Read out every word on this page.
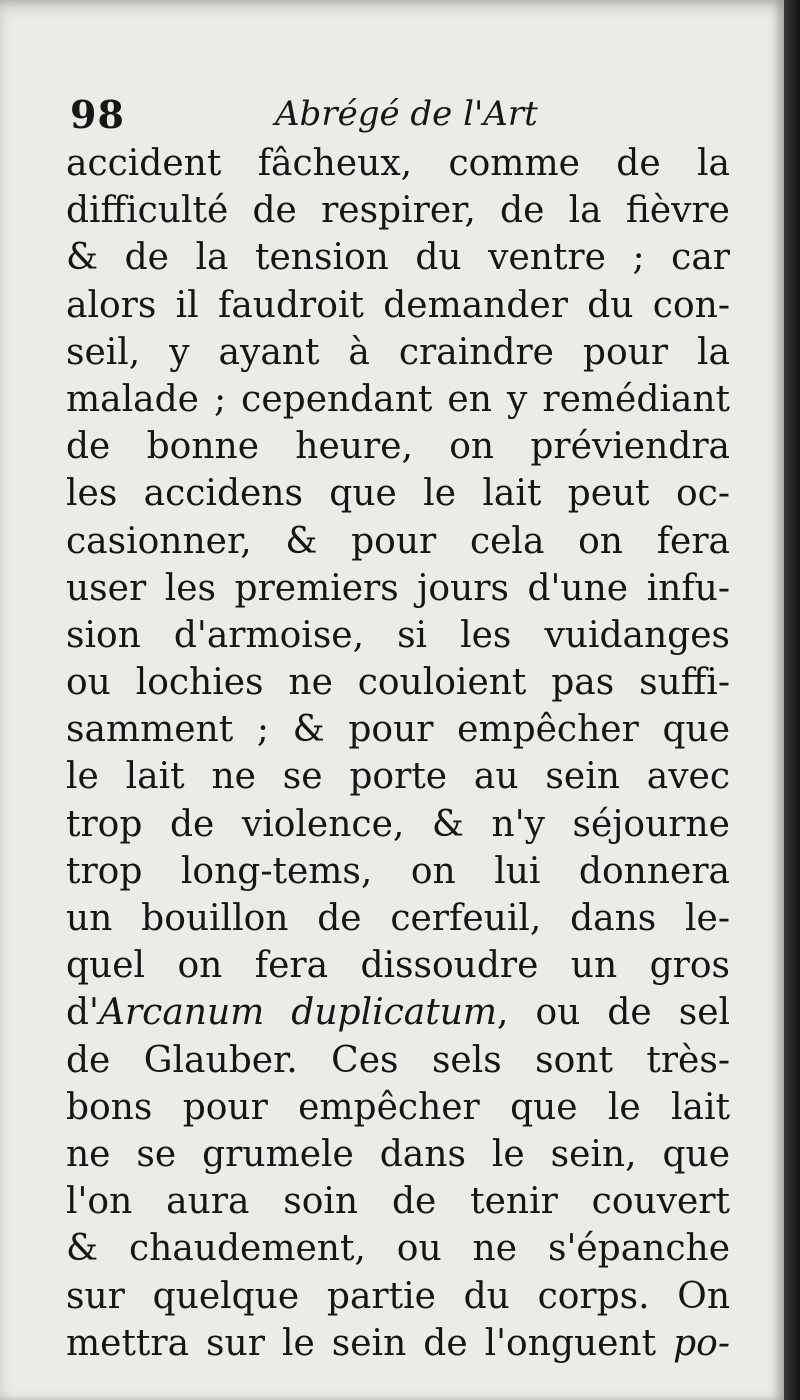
98	Abrégé de l'Art
accident fâcheux, comme de la
difficulté de respirer, de la fièvre
& de la tension du ventre ; car
alors il faudroit demander du con-
seil, y ayant à craindre pour la
malade ; cependant en y remédiant
de bonne heure, on préviendra
les accidens que le lait peut oc-
casionner, & pour cela on fera
user les premiers jours d'une infu-
sion d'armoise, si les vuidanges
ou lochies ne couloient pas suffi-
samment ; & pour empêcher que
le lait ne se porte au sein avec
trop de violence, & n'y séjourne
trop long-tems, on lui donnera
un bouillon de cerfeuil, dans le-
quel on fera dissoudre un gros
d'Arcanum duplicatum, ou de sel
de Glauber. Ces sels sont très-
bons pour empêcher que le lait
ne se grumele dans le sein, que
l'on aura soin de tenir couvert
& chaudement, ou ne s'épanche
sur quelque partie du corps. On
mettra sur le sein de l'onguent po-
